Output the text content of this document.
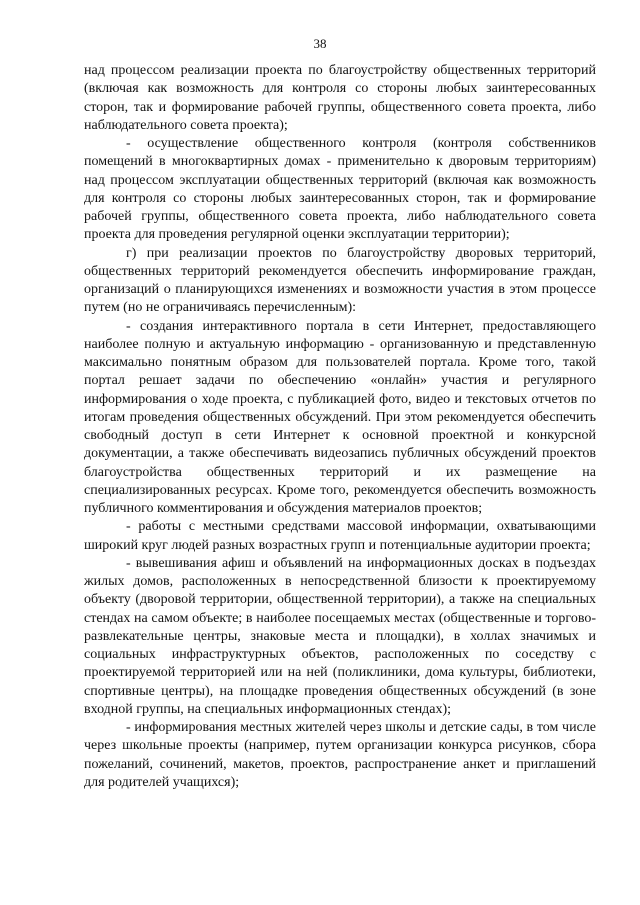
38

над процессом реализации проекта по благоустройству общественных территорий (включая как возможность для контроля со стороны любых заинтересованных сторон, так и формирование рабочей группы, общественного совета проекта, либо наблюдательного совета проекта);

- осуществление общественного контроля (контроля собственников помещений в многоквартирных домах - применительно к дворовым территориям) над процессом эксплуатации общественных территорий (включая как возможность для контроля со стороны любых заинтересованных сторон, так и формирование рабочей группы, общественного совета проекта, либо наблюдательного совета проекта для проведения регулярной оценки эксплуатации территории);

г) при реализации проектов по благоустройству дворовых территорий, общественных территорий рекомендуется обеспечить информирование граждан, организаций о планирующихся изменениях и возможности участия в этом процессе путем (но не ограничиваясь перечисленным):

- создания интерактивного портала в сети Интернет, предоставляющего наиболее полную и актуальную информацию - организованную и представленную максимально понятным образом для пользователей портала. Кроме того, такой портал решает задачи по обеспечению «онлайн» участия и регулярного информирования о ходе проекта, с публикацией фото, видео и текстовых отчетов по итогам проведения общественных обсуждений. При этом рекомендуется обеспечить свободный доступ в сети Интернет к основной проектной и конкурсной документации, а также обеспечивать видеозапись публичных обсуждений проектов благоустройства общественных территорий и их размещение на специализированных ресурсах. Кроме того, рекомендуется обеспечить возможность публичного комментирования и обсуждения материалов проектов;

- работы с местными средствами массовой информации, охватывающими широкий круг людей разных возрастных групп и потенциальные аудитории проекта;

- вывешивания афиш и объявлений на информационных досках в подъездах жилых домов, расположенных в непосредственной близости к проектируемому объекту (дворовой территории, общественной территории), а также на специальных стендах на самом объекте; в наиболее посещаемых местах (общественные и торгово-развлекательные центры, знаковые места и площадки), в холлах значимых и социальных инфраструктурных объектов, расположенных по соседству с проектируемой территорией или на ней (поликлиники, дома культуры, библиотеки, спортивные центры), на площадке проведения общественных обсуждений (в зоне входной группы, на специальных информационных стендах);

- информирования местных жителей через школы и детские сады, в том числе через школьные проекты (например, путем организации конкурса рисунков, сбора пожеланий, сочинений, макетов, проектов, распространение анкет и приглашений для родителей учащихся);
